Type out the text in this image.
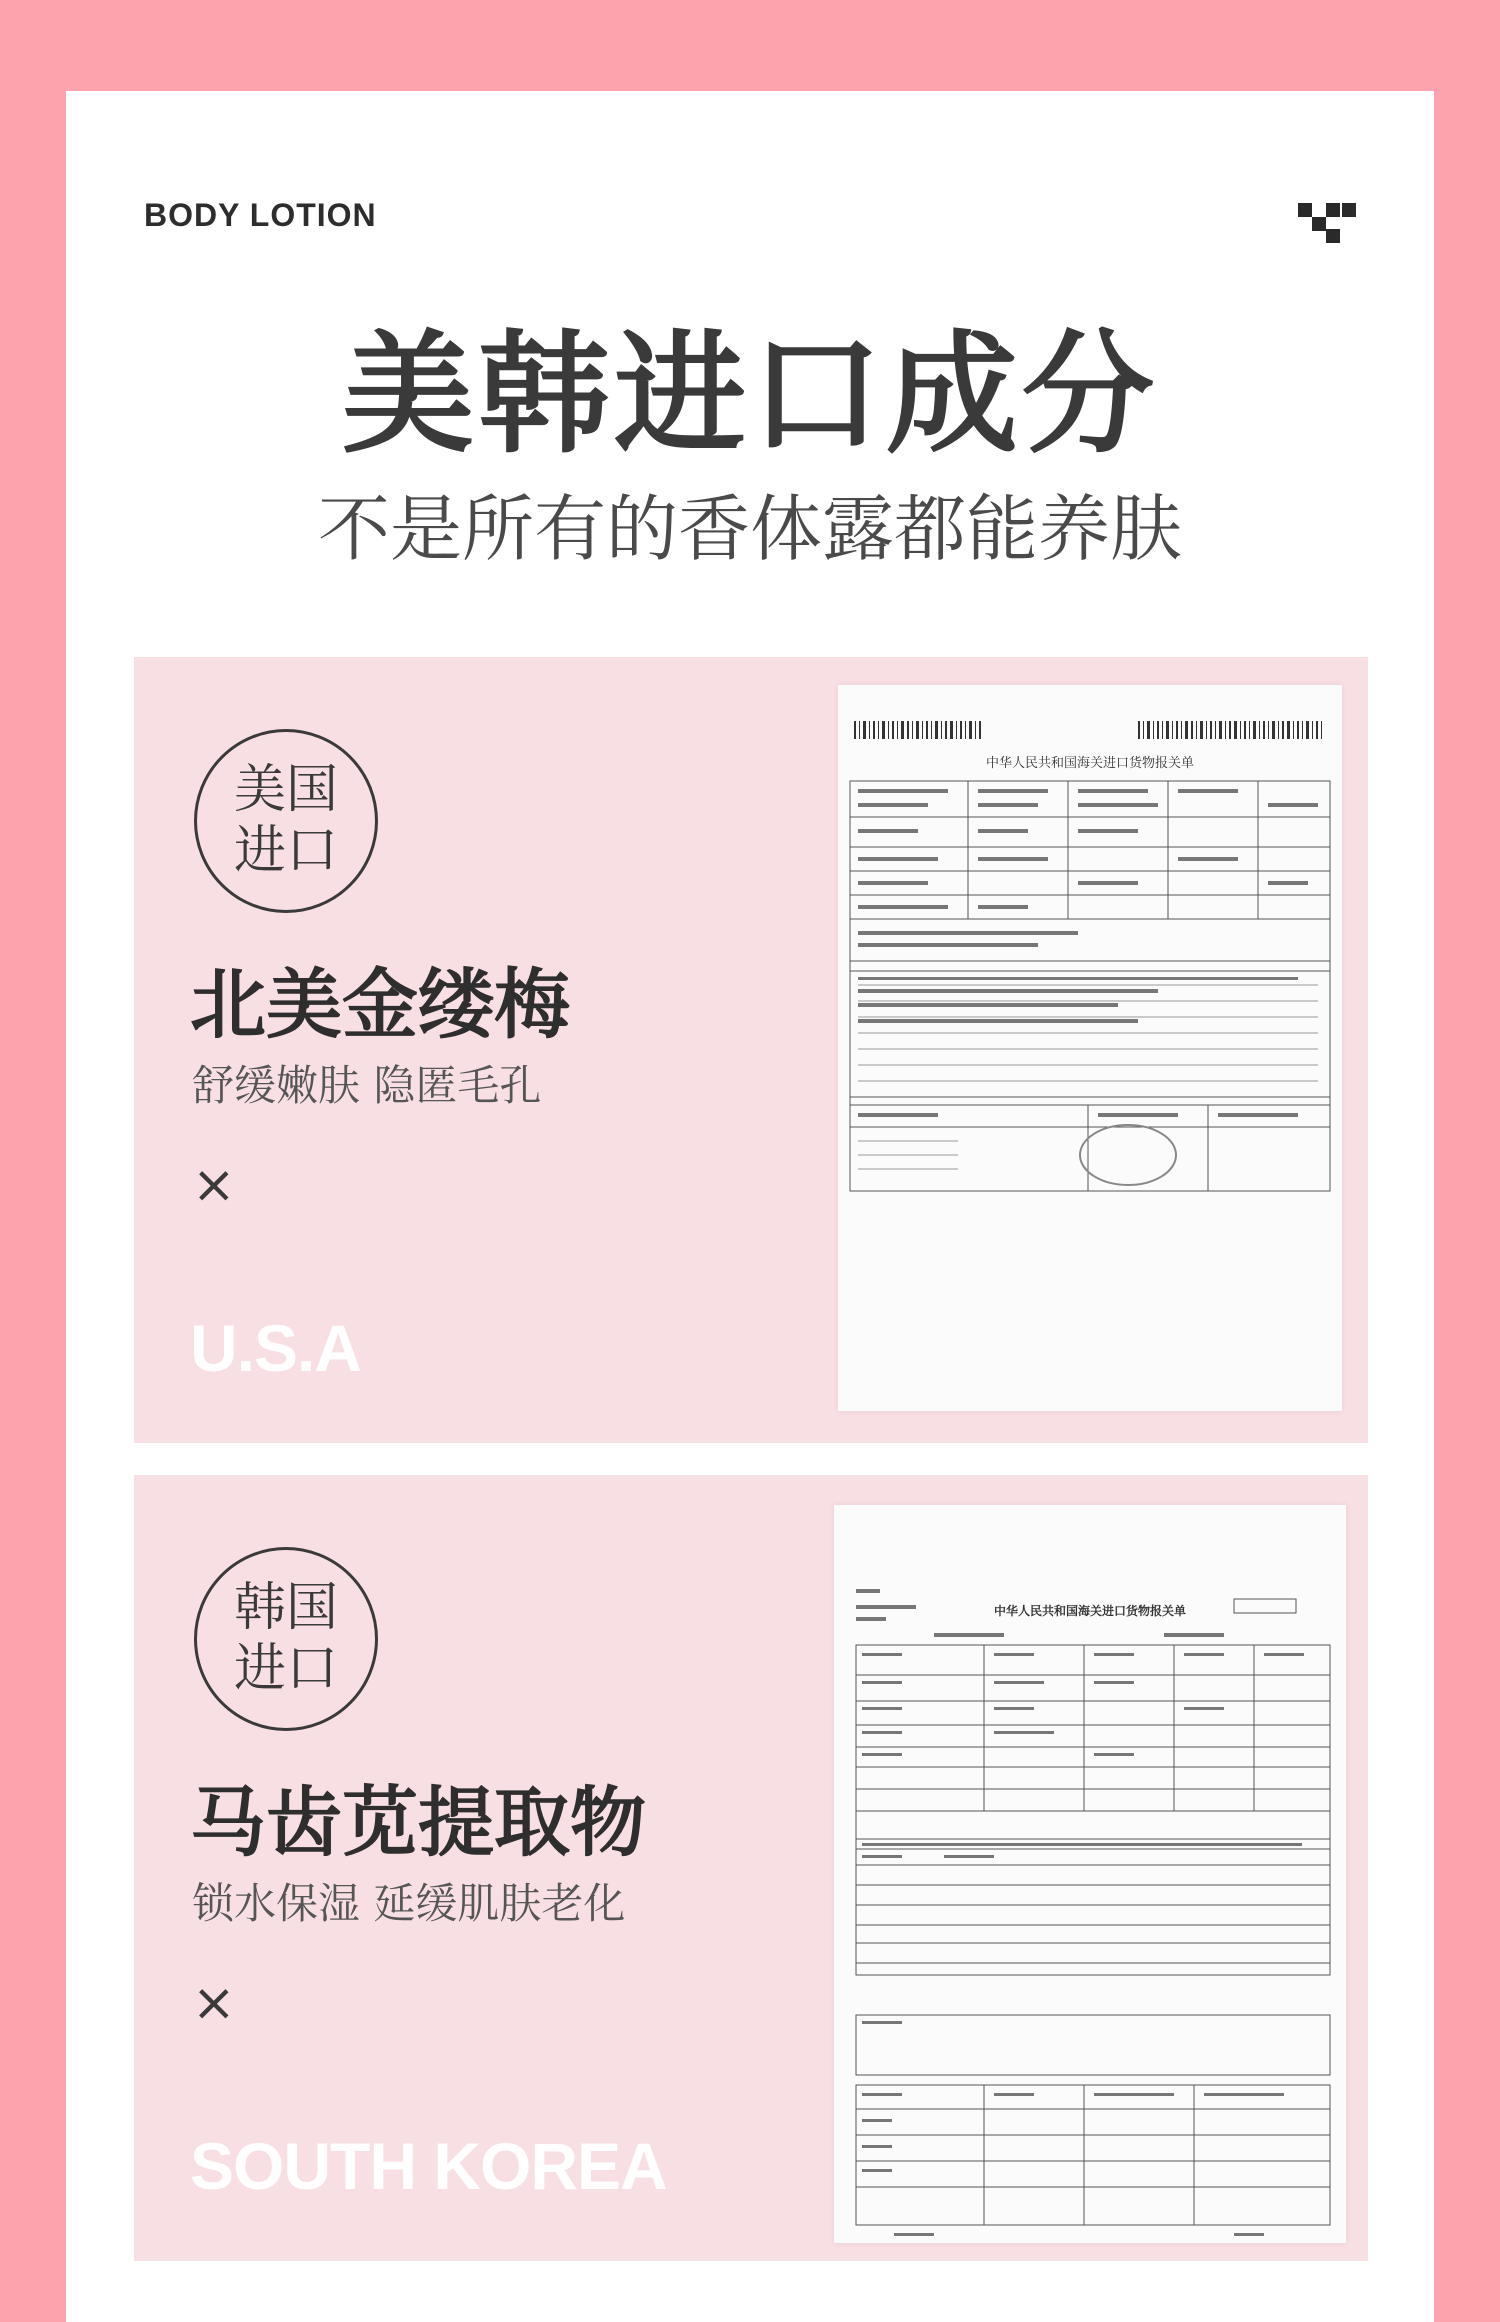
BODY LOTION
美韩进口成分
不是所有的香体露都能养肤
美国进口
北美金缕梅
舒缓嫩肤 隐匿毛孔
×
U.S.A
中华人民共和国海关进口货物报关单
韩国进口
马齿苋提取物
锁水保湿 延缓肌肤老化
×
SOUTH KOREA
中华人民共和国海关进口货物报关单
